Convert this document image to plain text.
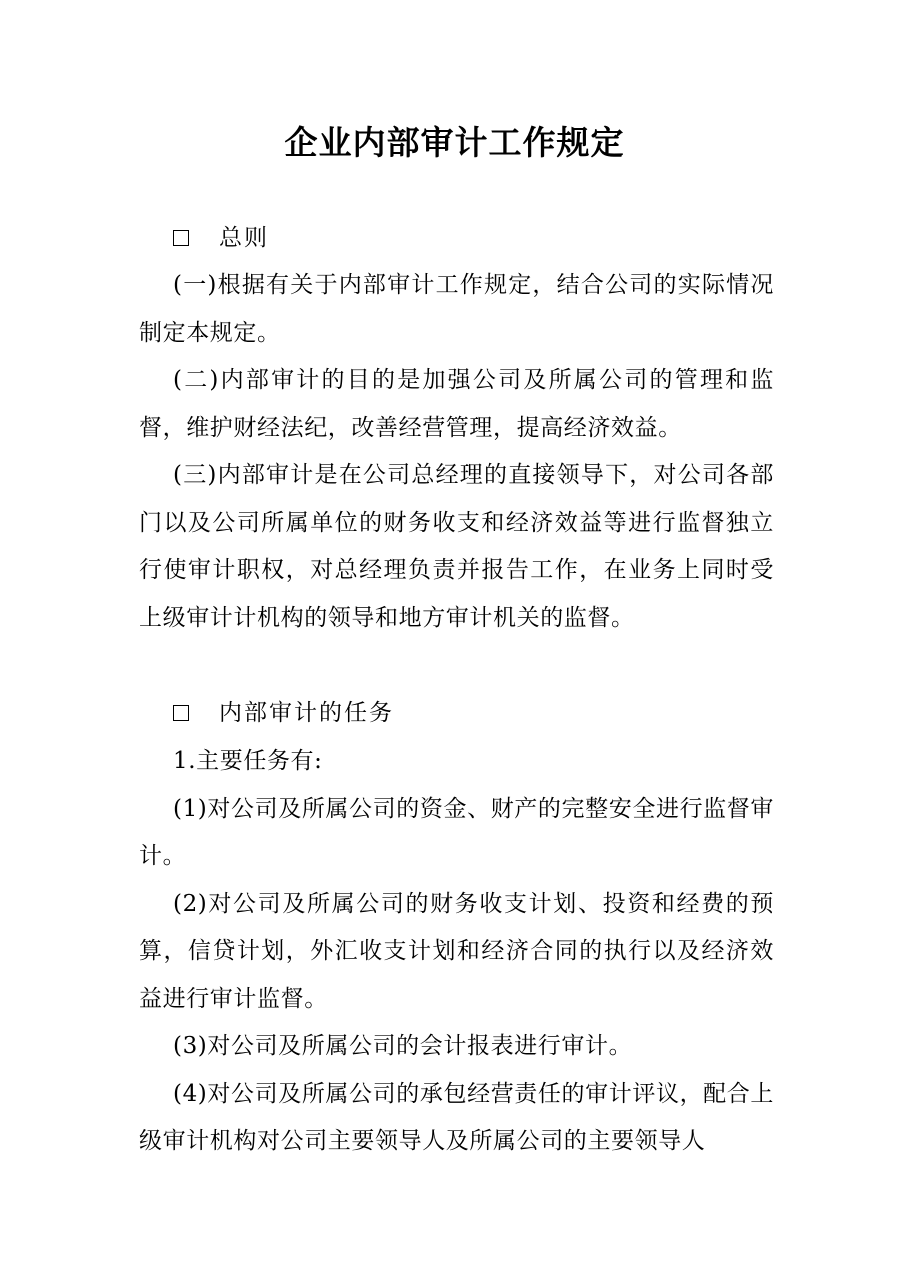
企业内部审计工作规定
总则

(一)根据有关于内部审计工作规定，结合公司的实际情况制定本规定。

(二)内部审计的目的是加强公司及所属公司的管理和监督，维护财经法纪，改善经营管理，提高经济效益。

(三)内部审计是在公司总经理的直接领导下，对公司各部门以及公司所属单位的财务收支和经济效益等进行监督独立行使审计职权，对总经理负责并报告工作，在业务上同时受上级审计计机构的领导和地方审计机关的监督。

内部审计的任务

1.主要任务有:

(1)对公司及所属公司的资金、财产的完整安全进行监督审计。

(2)对公司及所属公司的财务收支计划、投资和经费的预算，信贷计划，外汇收支计划和经济合同的执行以及经济效益进行审计监督。

(3)对公司及所属公司的会计报表进行审计。

(4)对公司及所属公司的承包经营责任的审计评议，配合上级审计机构对公司主要领导人及所属公司的主要领导人
